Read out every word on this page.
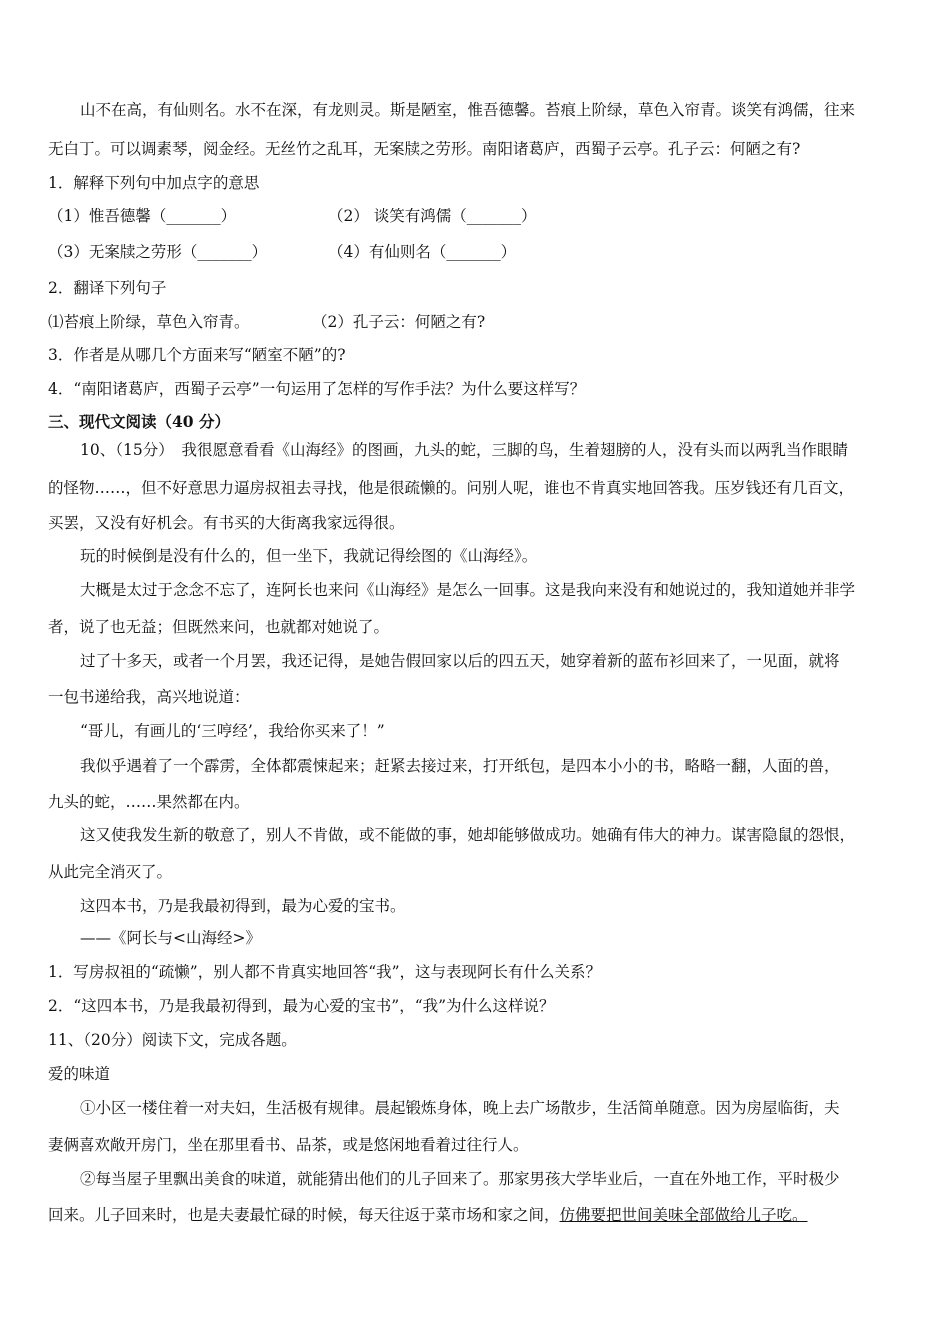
山不在高，有仙则名。水不在深，有龙则灵。斯是陋室，惟吾德馨。苔痕上阶绿，草色入帘青。谈笑有鸿儒，往来
无白丁。可以调素琴，阅金经。无丝竹之乱耳，无案牍之劳形。南阳诸葛庐，西蜀子云亭。孔子云：何陋之有?
1．解释下列句中加点字的意思
（1）惟吾德馨（_______）	（2） 谈笑有鸿儒（_______）
（3）无案牍之劳形（_______）	（4）有仙则名（_______）
2．翻译下列句子
⑴苔痕上阶绿，草色入帘青。	（2）孔子云：何陋之有?
3．作者是从哪几个方面来写“陋室不陋”的?
4．“南阳诸葛庐，西蜀子云亭”一句运用了怎样的写作手法？为什么要这样写？
三、现代文阅读（40 分）
10、（15分）　我很愿意看看《山海经》的图画，九头的蛇，三脚的鸟，生着翅膀的人，没有头而以两乳当作眼睛
的怪物……，但不好意思力逼房叔祖去寻找，他是很疏懒的。问别人呢，谁也不肯真实地回答我。压岁钱还有几百文，
买罢，又没有好机会。有书买的大街离我家远得很。
玩的时候倒是没有什么的，但一坐下，我就记得绘图的《山海经》。
大概是太过于念念不忘了，连阿长也来问《山海经》是怎么一回事。这是我向来没有和她说过的，我知道她并非学
者，说了也无益；但既然来问，也就都对她说了。
过了十多天，或者一个月罢，我还记得，是她告假回家以后的四五天，她穿着新的蓝布衫回来了，一见面，就将
一包书递给我，高兴地说道：
“哥儿，有画儿的‘三哼经’，我给你买来了！”
我似乎遇着了一个霹雳，全体都震悚起来；赶紧去接过来，打开纸包，是四本小小的书，略略一翻，人面的兽，
九头的蛇，……果然都在内。
这又使我发生新的敬意了，别人不肯做，或不能做的事，她却能够做成功。她确有伟大的神力。谋害隐鼠的怨恨，
从此完全消灭了。
这四本书，乃是我最初得到，最为心爱的宝书。
——《阿长与<山海经>》
1．写房叔祖的“疏懒”，别人都不肯真实地回答“我”，这与表现阿长有什么关系？
2．“这四本书，乃是我最初得到，最为心爱的宝书”，“我”为什么这样说？
11、（20分）阅读下文，完成各题。
爱的味道
①小区一楼住着一对夫妇，生活极有规律。晨起锻炼身体，晚上去广场散步，生活简单随意。因为房屋临街，夫
妻俩喜欢敞开房门，坐在那里看书、品茶，或是悠闲地看着过往行人。
②每当屋子里飘出美食的味道，就能猜出他们的儿子回来了。那家男孩大学毕业后，一直在外地工作，平时极少
回来。儿子回来时，也是夫妻最忙碌的时候，每天往返于菜市场和家之间，仿佛要把世间美味全部做给儿子吃。
